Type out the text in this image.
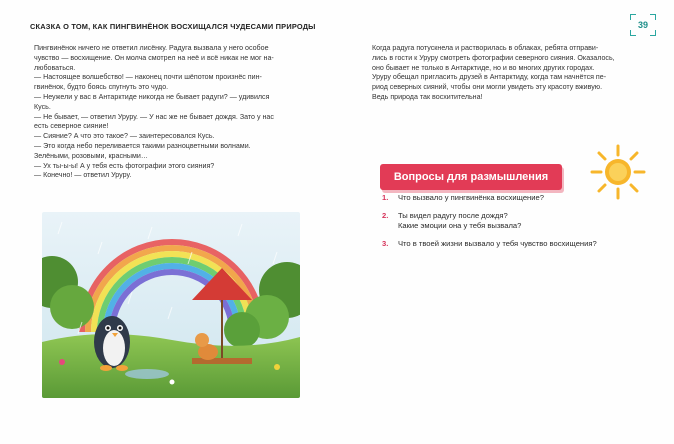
СКАЗКА О ТОМ, КАК ПИНГВИНЁНОК ВОСХИЩАЛСЯ ЧУДЕСАМИ ПРИРОДЫ	39

Пингвинёнок ничего не ответил лисёнку. Радуга вызвала у него особое

чувство — восхищение. Он молча смотрел на неё и всё никак не мог на-

любоваться.

— Настоящее волшебство! — наконец почти шёпотом произнёс пин-

гвинёнок, будто боясь спугнуть это чудо.

— Неужели у вас в Антарктиде никогда не бывает радуги? — удивился

Кусь.

— Не бывает, — ответил Уруру. — У нас же не бывает дождя. Зато у нас

есть северное сияние!

— Сияние? А что это такое? — заинтересовался Кусь.

— Это когда небо переливается такими разноцветными волнами.

Зелёными, розовыми, красными…

— Ух ты-ы-ы! А у тебя есть фотографии этого сияния?

— Конечно! — ответил Уруру.

Когда радуга потускнела и растворилась в облаках, ребята отправи-

лись в гости к Уруру смотреть фотографии северного сияния. Оказалось,

оно бывает не только в Антарктиде, но и во многих других городах.

Уруру обещал пригласить друзей в Антарктиду, когда там начнётся пе-

риод северных сияний, чтобы они могли увидеть эту красоту вживую.

Ведь природа так восхитительна!

Вопросы для размышления
1.	Что вызвало у пингвинёнка восхищение?
2.	Ты видел радугу после дождя?
Какие эмоции она у тебя вызвала?
3.	Что в твоей жизни вызвало у тебя чувство восхищения?
